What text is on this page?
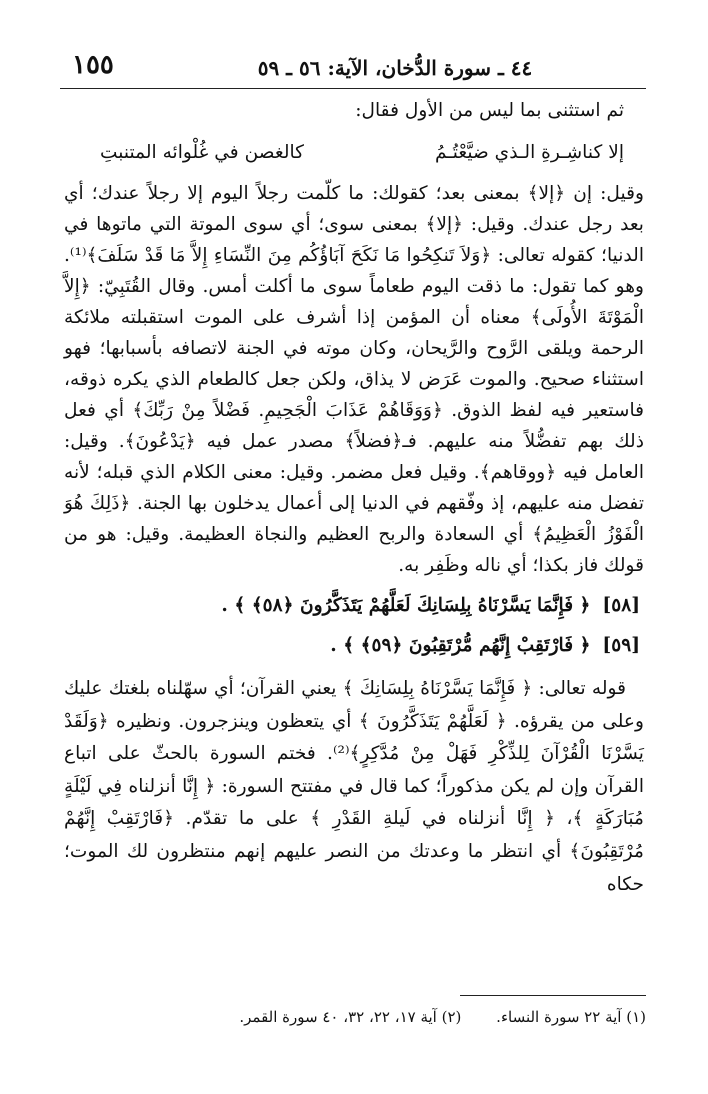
١٥٥	٤٤ ـ سورة الدُّخان، الآية: ٥٦ ـ ٥٩

ثم استثنى بما ليس من الأول فقال:

إلا كناشِـرةِ الـذي ضيَّعْتُـمُ
كالغصن في غُلْوائه المتنبتِ

وقيل: إن ﴿إلا﴾ بمعنى بعد؛ كقولك: ما كلّمت رجلاً اليوم إلا رجلاً عندك؛ أي بعد رجل عندك. وقيل: ﴿إلا﴾ بمعنى سوى؛ أي سوى الموتة التي ماتوها في الدنيا؛ كقوله تعالى: ﴿وَلاَ تَنكِحُوا مَا نَكَحَ آبَاؤُكُم مِنَ النِّسَاءِ إِلاَّ مَا قَدْ سَلَفَ﴾⁽¹⁾. وهو كما تقول: ما ذقت اليوم طعاماً سوى ما أكلت أمس. وقال القُتَبِيّ: ﴿إِلاَّ الْمَوْتَةَ الأُولَى﴾ معناه أن المؤمن إذا أشرف على الموت استقبلته ملائكة الرحمة ويلقى الرَّوح والرَّيحان، وكان موته في الجنة لاتصافه بأسبابها؛ فهو استثناء صحيح. والموت عَرَض لا يذاق، ولكن جعل كالطعام الذي يكره ذوقه، فاستعير فيه لفظ الذوق. ﴿وَوَقَاهُمْ عَذَابَ الْجَحِيمِ. فَضْلاً مِنْ رَبِّكَ﴾ أي فعل ذلك بهم تفضُّلاً منه عليهم. فـ﴿فضلاً﴾ مصدر عمل فيه ﴿يَدْعُونَ﴾. وقيل: العامل فيه ﴿ووقاهم﴾. وقيل فعل مضمر. وقيل: معنى الكلام الذي قبله؛ لأنه تفضل منه عليهم، إذ وفّقهم في الدنيا إلى أعمال يدخلون بها الجنة. ﴿ذَلِكَ هُوَ الْفَوْزُ الْعَظِيمُ﴾ أي السعادة والربح العظيم والنجاة العظيمة. وقيل: هو من قولك فاز بكذا؛ أي ناله وظَفِر به.

[٥٨] ﴿ فَإِنَّمَا يَسَّرْنَاهُ بِلِسَانِكَ لَعَلَّهُمْ يَتَذَكَّرُونَ ﴿٥٨﴾ ﴾ .
[٥٩] ﴿ فَارْتَقِبْ إِنَّهُم مُّرْتَقِبُونَ ﴿٥٩﴾ ﴾ .

قوله تعالى: ﴿ فَإِنَّمَا يَسَّرْنَاهُ بِلِسَانِكَ ﴾ يعني القرآن؛ أي سهّلناه بلغتك عليك وعلى من يقرؤه. ﴿ لَعَلَّهُمْ يَتَذَكَّرُونَ ﴾ أي يتعظون وينزجرون. ونظيره ﴿وَلَقَدْ يَسَّرْنَا الْقُرْآنَ لِلذِّكْرِ فَهَلْ مِنْ مُدَّكِرٍ﴾⁽²⁾. فختم السورة بالحثّ على اتباع القرآن وإن لم يكن مذكوراً؛ كما قال في مفتتح السورة: ﴿ إِنَّا أنزلناه فِي لَيْلَةٍ مُبَارَكَةٍ ﴾، ﴿ إِنَّا أنزلناه في لَيلةِ القَدْرِ ﴾ على ما تقدّم. ﴿فَارْتَقِبْ إِنَّهُمْ مُرْتَقِبُونَ﴾ أي انتظر ما وعدتك من النصر عليهم إنهم منتظرون لك الموت؛ حكاه

(١) آية ٢٢ سورة النساء. (٢) آية ١٧، ٢٢، ٣٢، ٤٠ سورة القمر.
